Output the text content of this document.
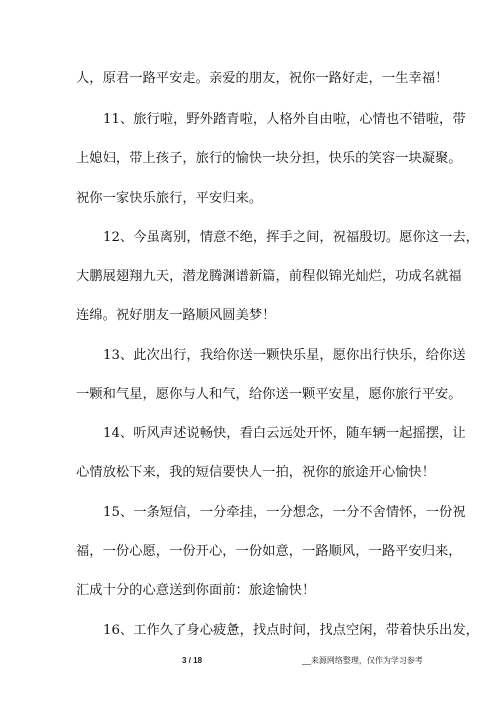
人，原君一路平安走。亲爱的朋友，祝你一路好走，一生幸福！
11、旅行啦，野外踏青啦，人格外自由啦，心情也不错啦，带
上媳妇，带上孩子，旅行的愉快一块分担，快乐的笑容一块凝聚。
祝你一家快乐旅行，平安归来。
12、今虽离别，情意不绝，挥手之间，祝福殷切。愿你这一去，
大鹏展翅翔九天，潜龙腾渊谱新篇，前程似锦光灿烂，功成名就福
连绵。祝好朋友一路顺风圆美梦！
13、此次出行，我给你送一颗快乐星，愿你出行快乐，给你送
一颗和气星，愿你与人和气，给你送一颗平安星，愿你旅行平安。
14、听风声述说畅快，看白云远处开怀，随车辆一起摇摆，让
心情放松下来，我的短信要快人一拍，祝你的旅途开心愉快！
15、一条短信，一分牵挂，一分想念，一分不舍情怀，一份祝
福，一份心愿，一份开心，一份如意，一路顺风，一路平安归来，
汇成十分的心意送到你面前：旅途愉快！
16、工作久了身心疲惫，找点时间，找点空闲，带着快乐出发，
3 / 18	__来源网络整理，仅作为学习参考
